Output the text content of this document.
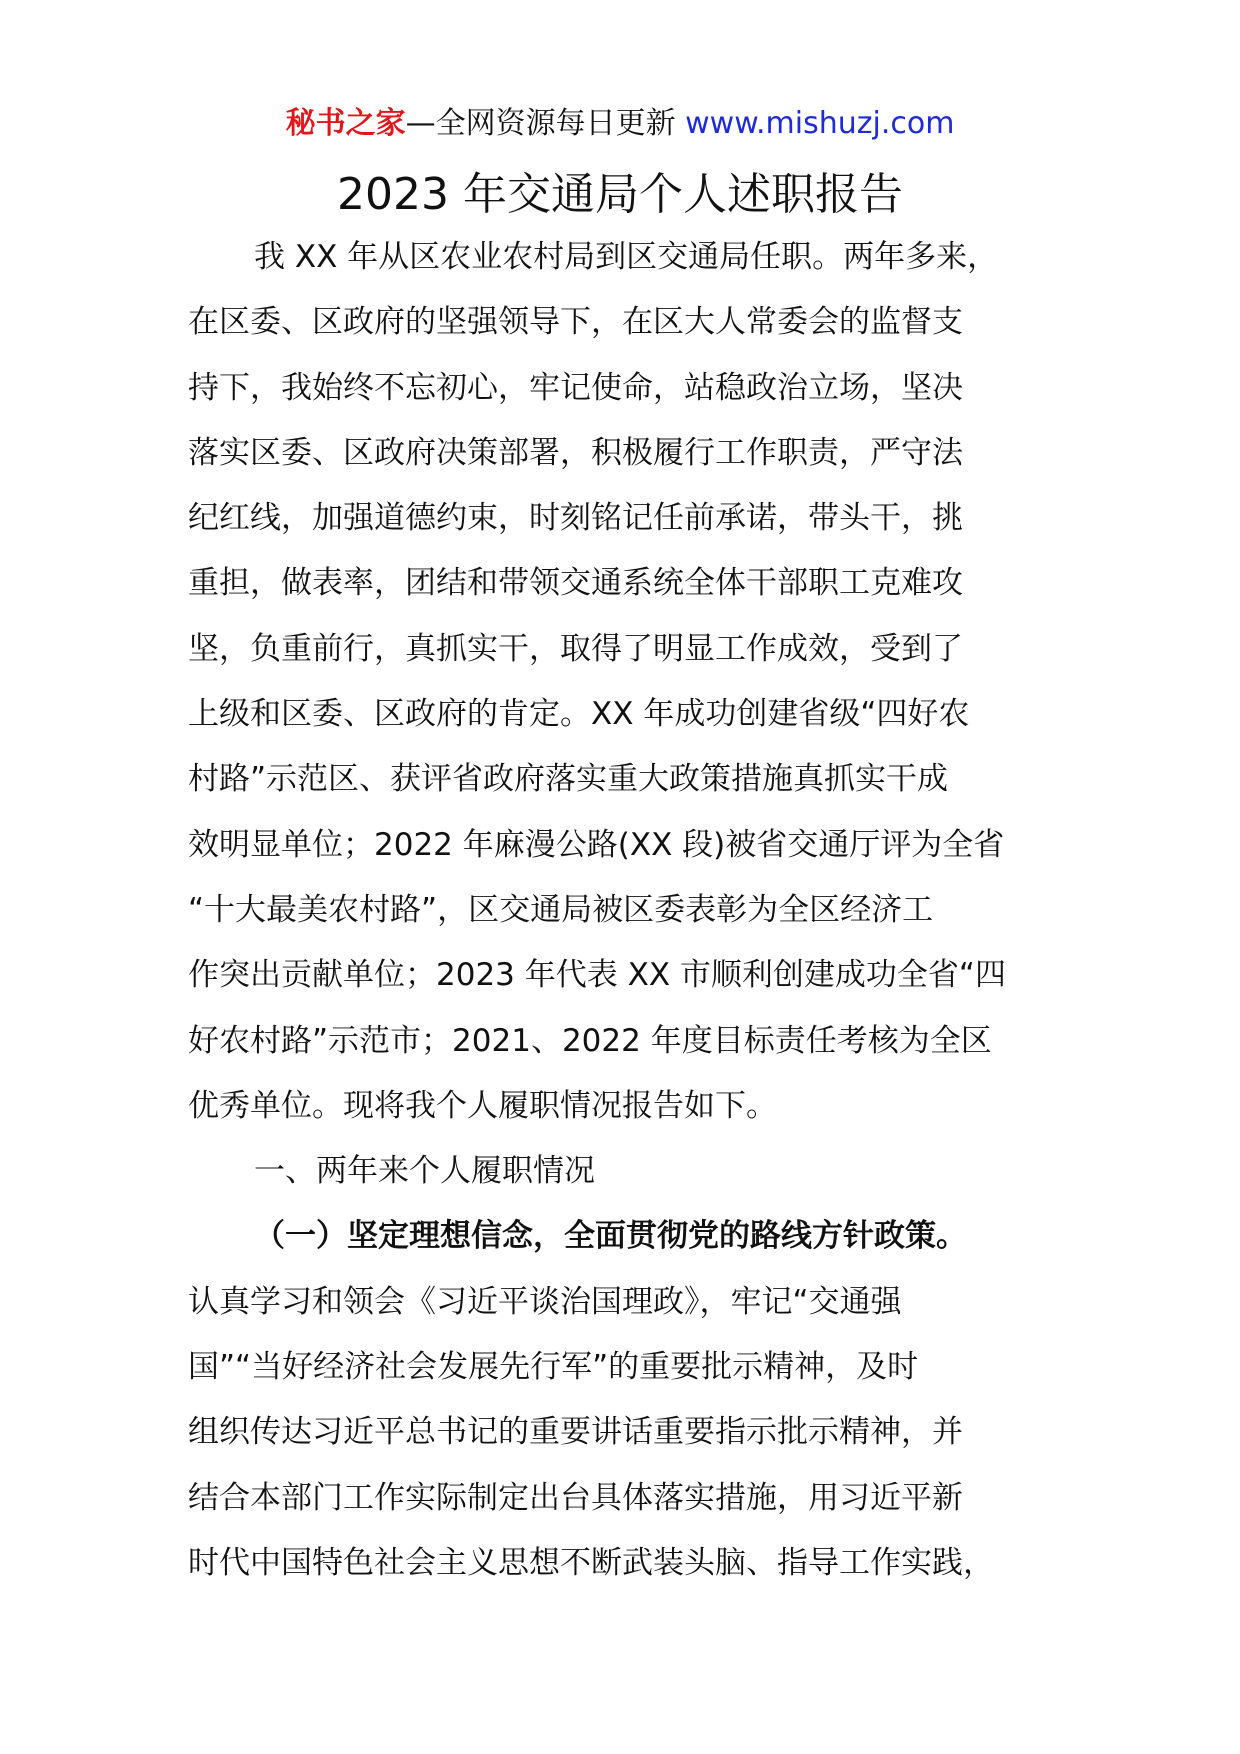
秘书之家—全网资源每日更新 www.mishuzj.com
2023 年交通局个人述职报告
我 XX 年从区农业农村局到区交通局任职。两年多来，
在区委、区政府的坚强领导下，在区大人常委会的监督支
持下，我始终不忘初心，牢记使命，站稳政治立场，坚决
落实区委、区政府决策部署，积极履行工作职责，严守法
纪红线，加强道德约束，时刻铭记任前承诺，带头干，挑
重担，做表率，团结和带领交通系统全体干部职工克难攻
坚，负重前行，真抓实干，取得了明显工作成效，受到了
上级和区委、区政府的肯定。XX 年成功创建省级“四好农
村路”示范区、获评省政府落实重大政策措施真抓实干成
效明显单位；2022 年麻漫公路(XX 段)被省交通厅评为全省
“十大最美农村路”，区交通局被区委表彰为全区经济工
作突出贡献单位；2023 年代表 XX 市顺利创建成功全省“四
好农村路”示范市；2021、2022 年度目标责任考核为全区
优秀单位。现将我个人履职情况报告如下。
一、两年来个人履职情况
（一）坚定理想信念，全面贯彻党的路线方针政策。
认真学习和领会《习近平谈治国理政》，牢记“交通强
国”“当好经济社会发展先行军”的重要批示精神，及时
组织传达习近平总书记的重要讲话重要指示批示精神，并
结合本部门工作实际制定出台具体落实措施，用习近平新
时代中国特色社会主义思想不断武装头脑、指导工作实践，
